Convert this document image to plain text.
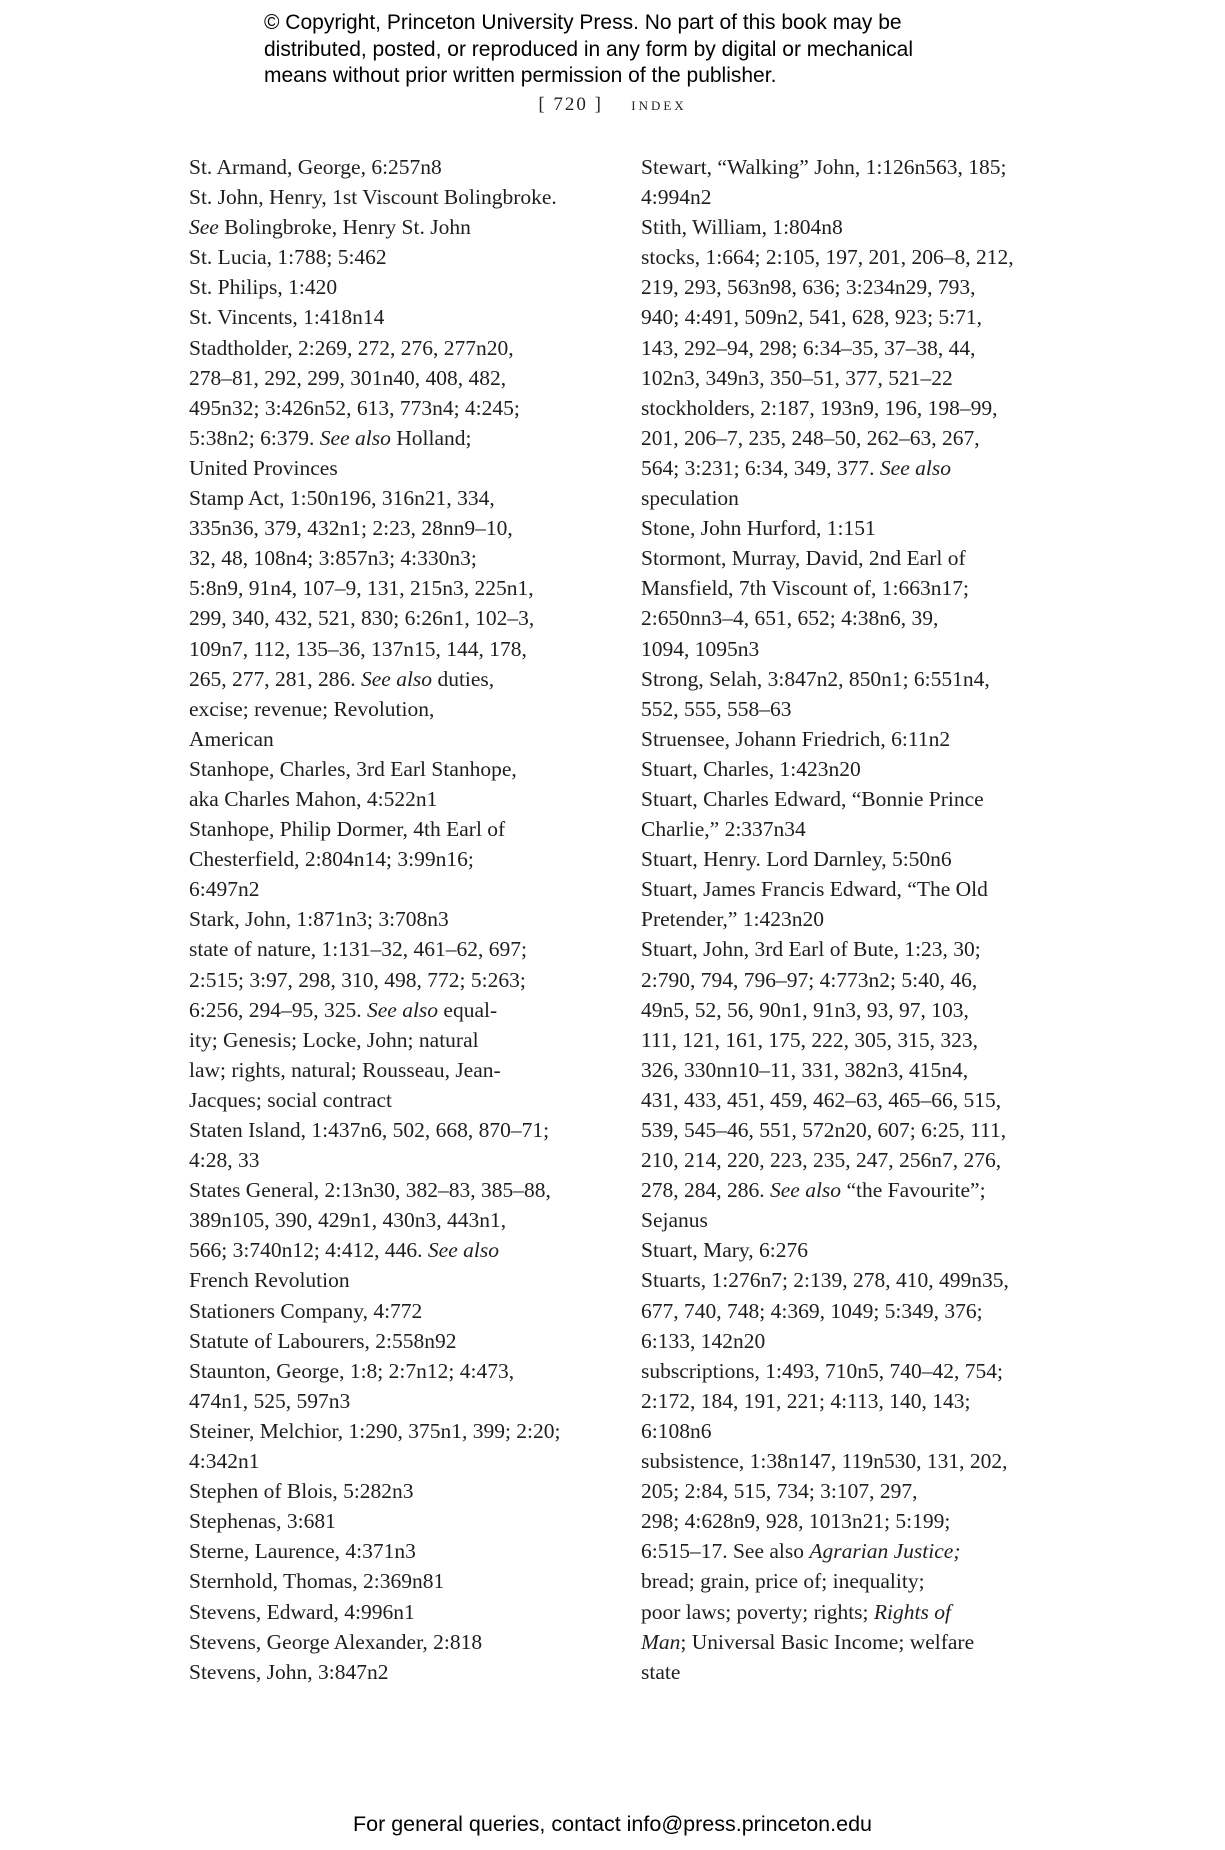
© Copyright, Princeton University Press. No part of this book may be
distributed, posted, or reproduced in any form by digital or mechanical
means without prior written permission of the publisher.
[ 720 ] index
St. Armand, George, 6:257n8
St. John, Henry, 1st Viscount Bolingbroke.
See Bolingbroke, Henry St. John
St. Lucia, 1:788; 5:462
St. Philips, 1:420
St. Vincents, 1:418n14
Stadtholder, 2:269, 272, 276, 277n20,
278–81, 292, 299, 301n40, 408, 482,
495n32; 3:426n52, 613, 773n4; 4:245;
5:38n2; 6:379. See also Holland;
United Provinces
Stamp Act, 1:50n196, 316n21, 334,
335n36, 379, 432n1; 2:23, 28nn9–10,
32, 48, 108n4; 3:857n3; 4:330n3;
5:8n9, 91n4, 107–9, 131, 215n3, 225n1,
299, 340, 432, 521, 830; 6:26n1, 102–3,
109n7, 112, 135–36, 137n15, 144, 178,
265, 277, 281, 286. See also duties,
excise; revenue; Revolution,
American
Stanhope, Charles, 3rd Earl Stanhope,
aka Charles Mahon, 4:522n1
Stanhope, Philip Dormer, 4th Earl of
Chesterfield, 2:804n14; 3:99n16;
6:497n2
Stark, John, 1:871n3; 3:708n3
state of nature, 1:131–32, 461–62, 697;
2:515; 3:97, 298, 310, 498, 772; 5:263;
6:256, 294–95, 325. See also equal-
ity; Genesis; Locke, John; natural
law; rights, natural; Rousseau, Jean-
Jacques; social contract
Staten Island, 1:437n6, 502, 668, 870–71;
4:28, 33
States General, 2:13n30, 382–83, 385–88,
389n105, 390, 429n1, 430n3, 443n1,
566; 3:740n12; 4:412, 446. See also
French Revolution
Stationers Company, 4:772
Statute of Labourers, 2:558n92
Staunton, George, 1:8; 2:7n12; 4:473,
474n1, 525, 597n3
Steiner, Melchior, 1:290, 375n1, 399; 2:20;
4:342n1
Stephen of Blois, 5:282n3
Stephenas, 3:681
Sterne, Laurence, 4:371n3
Sternhold, Thomas, 2:369n81
Stevens, Edward, 4:996n1
Stevens, George Alexander, 2:818
Stevens, John, 3:847n2
Stewart, “Walking” John, 1:126n563, 185;
4:994n2
Stith, William, 1:804n8
stocks, 1:664; 2:105, 197, 201, 206–8, 212,
219, 293, 563n98, 636; 3:234n29, 793,
940; 4:491, 509n2, 541, 628, 923; 5:71,
143, 292–94, 298; 6:34–35, 37–38, 44,
102n3, 349n3, 350–51, 377, 521–22
stockholders, 2:187, 193n9, 196, 198–99,
201, 206–7, 235, 248–50, 262–63, 267,
564; 3:231; 6:34, 349, 377. See also
speculation
Stone, John Hurford, 1:151
Stormont, Murray, David, 2nd Earl of
Mansfield, 7th Viscount of, 1:663n17;
2:650nn3–4, 651, 652; 4:38n6, 39,
1094, 1095n3
Strong, Selah, 3:847n2, 850n1; 6:551n4,
552, 555, 558–63
Struensee, Johann Friedrich, 6:11n2
Stuart, Charles, 1:423n20
Stuart, Charles Edward, “Bonnie Prince
Charlie,” 2:337n34
Stuart, Henry. Lord Darnley, 5:50n6
Stuart, James Francis Edward, “The Old
Pretender,” 1:423n20
Stuart, John, 3rd Earl of Bute, 1:23, 30;
2:790, 794, 796–97; 4:773n2; 5:40, 46,
49n5, 52, 56, 90n1, 91n3, 93, 97, 103,
111, 121, 161, 175, 222, 305, 315, 323,
326, 330nn10–11, 331, 382n3, 415n4,
431, 433, 451, 459, 462–63, 465–66, 515,
539, 545–46, 551, 572n20, 607; 6:25, 111,
210, 214, 220, 223, 235, 247, 256n7, 276,
278, 284, 286. See also “the Favourite”;
Sejanus
Stuart, Mary, 6:276
Stuarts, 1:276n7; 2:139, 278, 410, 499n35,
677, 740, 748; 4:369, 1049; 5:349, 376;
6:133, 142n20
subscriptions, 1:493, 710n5, 740–42, 754;
2:172, 184, 191, 221; 4:113, 140, 143;
6:108n6
subsistence, 1:38n147, 119n530, 131, 202,
205; 2:84, 515, 734; 3:107, 297,
298; 4:628n9, 928, 1013n21; 5:199;
6:515–17. See also Agrarian Justice;
bread; grain, price of; inequality;
poor laws; poverty; rights; Rights of
Man; Universal Basic Income; welfare
state
For general queries, contact info@press.princeton.edu
